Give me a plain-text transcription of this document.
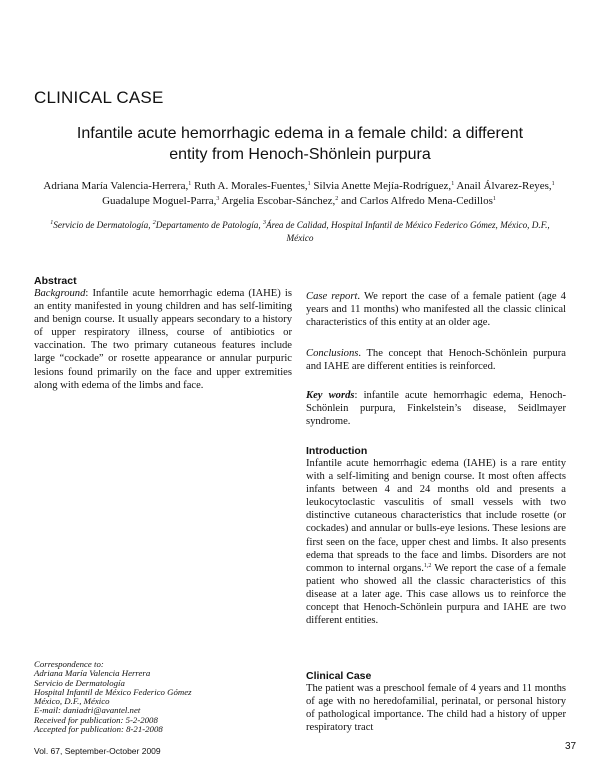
CLINICAL CASE
Infantile acute hemorrhagic edema in a female child: a different
entity from Henoch-Shönlein purpura
Adriana María Valencia-Herrera,$^1$ Ruth A. Morales-Fuentes,$^1$ Silvia Anette Mejía-Rodríguez,$^1$ Anail Álvarez-Reyes,$^1$ Guadalupe Moguel-Parra,$^3$ Argelia Escobar-Sánchez,$^2$ and Carlos Alfredo Mena-Cedillos$^1$
$^1$Servicio de Dermatología, $^2$Departamento de Patología, $^3$Área de Calidad, Hospital Infantil de México Federico Gómez, México, D.F., México
Abstract
Background: Infantile acute hemorrhagic edema (IAHE) is an entity manifested in young children and has self-limiting and benign course. It usually appears secondary to a history of upper respiratory illness, course of antibiotics or vaccination. The two primary cutaneous features include large “cockade” or rosette appearance or annular purpuric lesions found primarily on the face and upper extremities along with edema of the limbs and face.
Case report. We report the case of a female patient (age 4 years and 11 months) who manifested all the classic clinical characteristics of this entity at an older age.
Conclusions. The concept that Henoch-Schönlein purpura and IAHE are different entities is reinforced.
Key words: infantile acute hemorrhagic edema, Henoch-Schönlein purpura, Finkelstein’s disease, Seidlmayer syndrome.
Introduction
Infantile acute hemorrhagic edema (IAHE) is a rare entity with a self-limiting and benign course. It most often affects infants between 4 and 24 months old and presents a leukocytoclastic vasculitis of small vessels with two distinctive cutaneous characteristics that include rosette (or cockades) and annular or bulls-eye lesions. These lesions are first seen on the face, upper chest and limbs. It also presents edema that spreads to the face and limbs. Disorders are not common to internal organs.$^{1,2}$ We report the case of a female patient who showed all the classic characteristics of this disease at a later age. This case allows us to reinforce the concept that Henoch-Schönlein purpura and IAHE are two different entities.
Clinical Case
The patient was a preschool female of 4 years and 11 months of age with no heredofamilial, perinatal, or personal history of pathological importance. The child had a history of upper respiratory tract
Correspondence to:
Adriana María Valencia Herrera
Servicio de Dermatología
Hospital Infantil de México Federico Gómez
México, D.F., México
E-mail: daniadri@avantel.net
Received for publication: 5-2-2008
Accepted for publication: 8-21-2008
Vol. 67, September-October 2009	37
